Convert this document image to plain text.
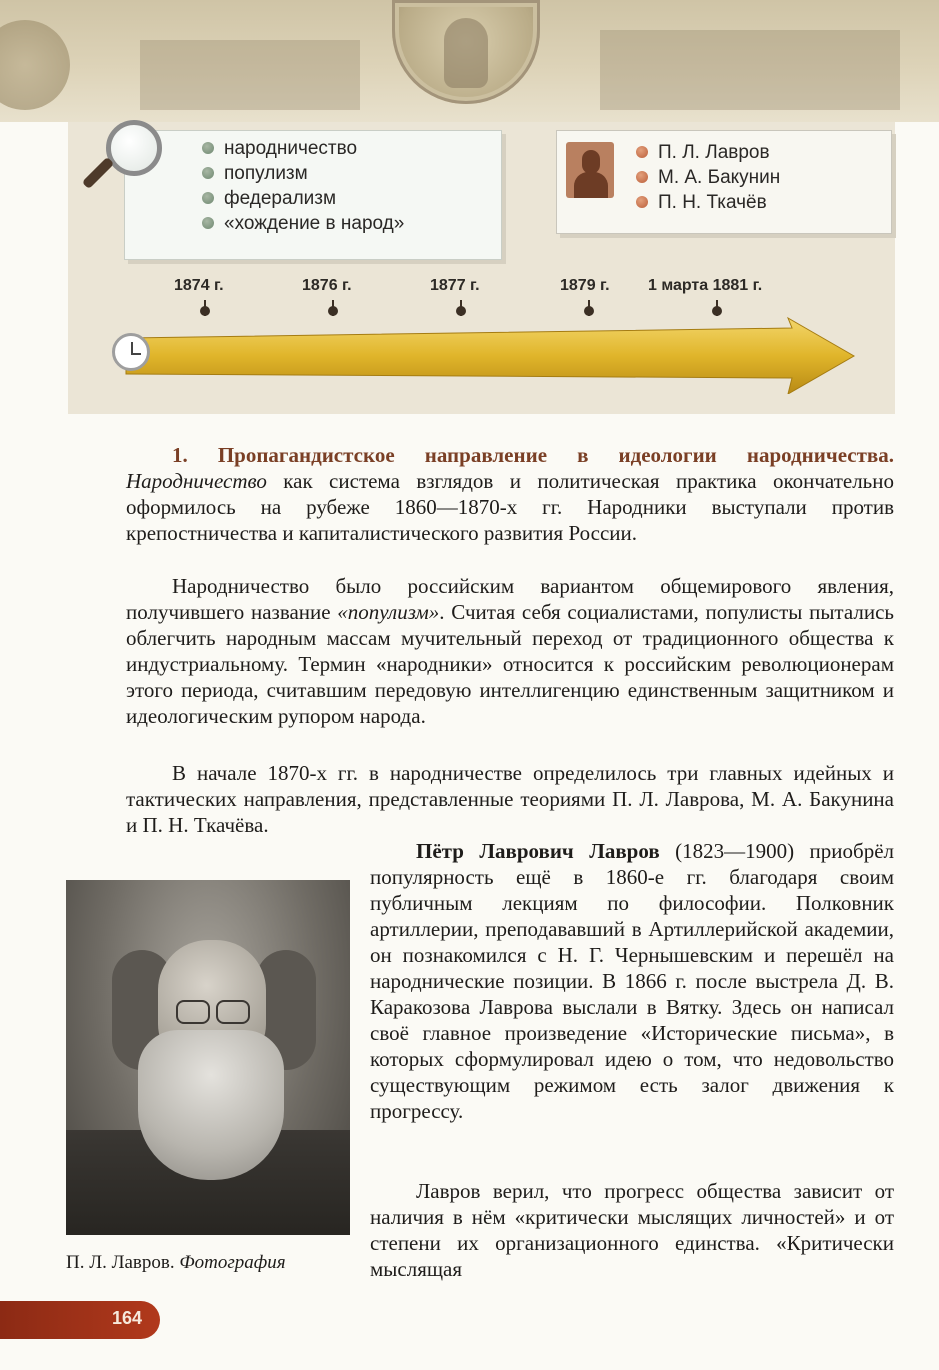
народничество
популизм
федерализм
«хождение в народ»
П. Л. Лавров
М. А. Бакунин
П. Н. Ткачёв
1874 г.	1876 г.	1877 г.	1879 г. 1 марта 1881 г.
1. Пропагандистское направление в идеологии народничества. Народничество как система взглядов и политическая практика окончательно оформилось на рубеже 1860—1870-х гг. Народники выступали против крепостничества и капиталистического развития России.
Народничество было российским вариантом общемирового явления, получившего название «популизм». Считая себя социалистами, популисты пытались облегчить народным массам мучительный переход от традиционного общества к индустриальному. Термин «народники» относится к российским революционерам этого периода, считавшим передовую интеллигенцию единственным защитником и идеологическим рупором народа.
В начале 1870-х гг. в народничестве определилось три главных идейных и тактических направления, представленные теориями П. Л. Лаврова, М. А. Бакунина и П. Н. Ткачёва.
Пётр Лаврович Лавров (1823—1900) приобрёл популярность ещё в 1860-е гг. благодаря своим публичным лекциям по философии. Полковник артиллерии, преподававший в Артиллерийской академии, он познакомился с Н. Г. Чернышевским и перешёл на народнические позиции. В 1866 г. после выстрела Д. В. Каракозова Лаврова выслали в Вятку. Здесь он написал своё главное произведение «Исторические письма», в которых сформулировал идею о том, что недовольство существующим режимом есть залог движения к прогрессу.
Лавров верил, что прогресс общества зависит от наличия в нём «критически мыслящих личностей» и от степени их организационного единства. «Критически мыслящая
П. Л. Лавров. Фотография
164
